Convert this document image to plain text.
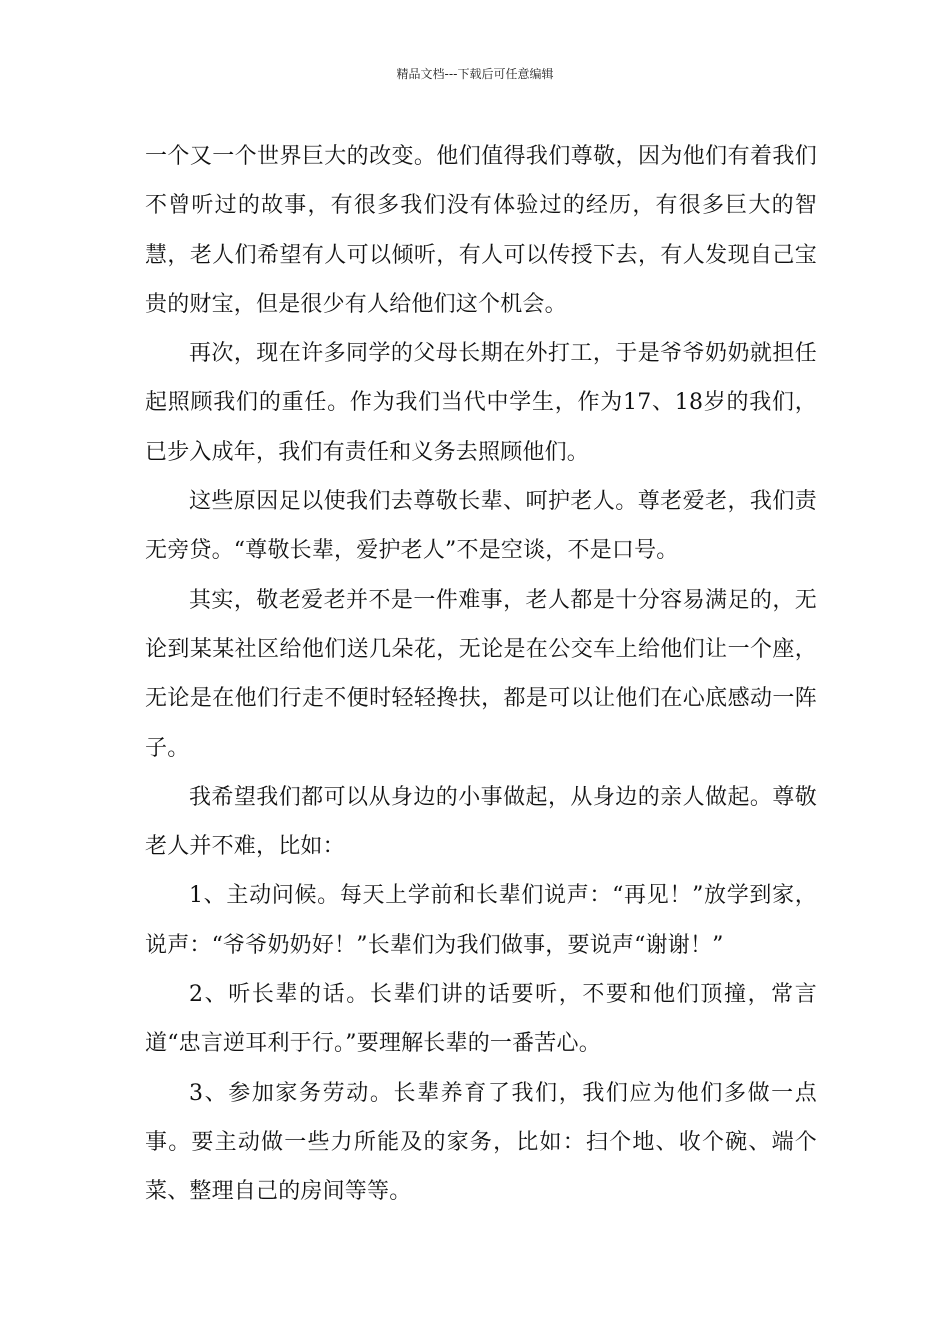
精品文档---下载后可任意编辑

一个又一个世界巨大的改变。他们值得我们尊敬，因为他们有着我们不曾听过的故事，有很多我们没有体验过的经历，有很多巨大的智慧，老人们希望有人可以倾听，有人可以传授下去，有人发现自己宝贵的财宝，但是很少有人给他们这个机会。

再次，现在许多同学的父母长期在外打工，于是爷爷奶奶就担任起照顾我们的重任。作为我们当代中学生，作为17、18岁的我们，已步入成年，我们有责任和义务去照顾他们。

这些原因足以使我们去尊敬长辈、呵护老人。尊老爱老，我们责无旁贷。“尊敬长辈，爱护老人”不是空谈，不是口号。

其实，敬老爱老并不是一件难事，老人都是十分容易满足的，无论到某某社区给他们送几朵花，无论是在公交车上给他们让一个座，无论是在他们行走不便时轻轻搀扶，都是可以让他们在心底感动一阵子。

我希望我们都可以从身边的小事做起，从身边的亲人做起。尊敬老人并不难，比如：

1、主动问候。每天上学前和长辈们说声：“再见！”放学到家，说声：“爷爷奶奶好！”长辈们为我们做事，要说声“谢谢！”

2、听长辈的话。长辈们讲的话要听，不要和他们顶撞，常言道“忠言逆耳利于行。”要理解长辈的一番苦心。

3、参加家务劳动。长辈养育了我们，我们应为他们多做一点事。要主动做一些力所能及的家务，比如：扫个地、收个碗、端个菜、整理自己的房间等等。
